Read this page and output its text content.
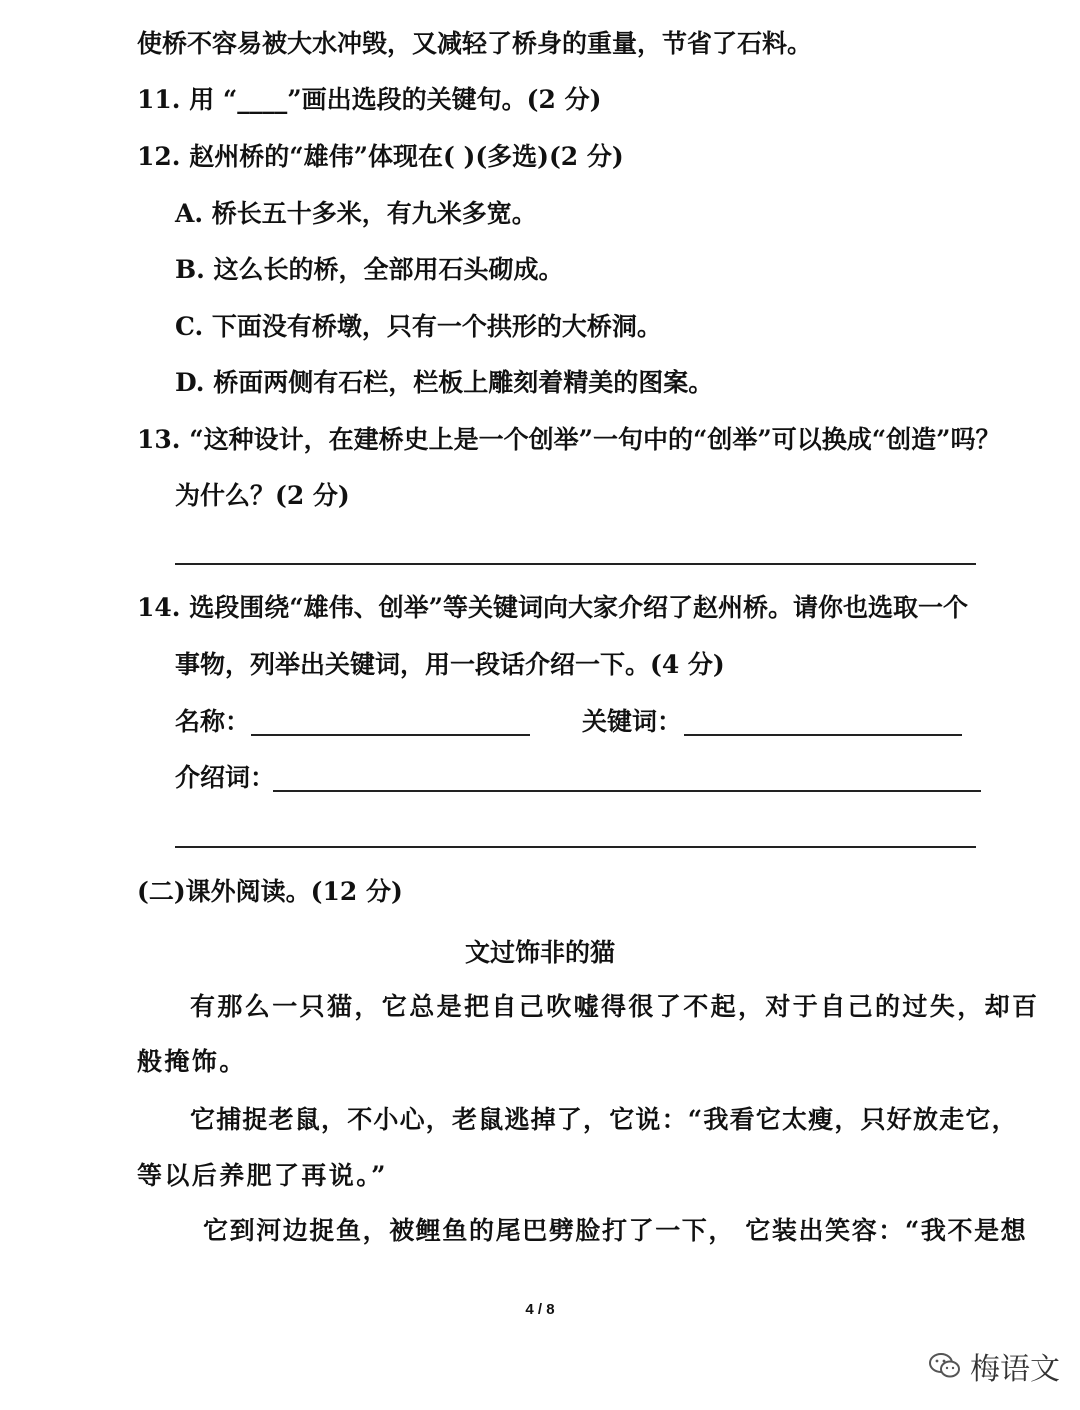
使桥不容易被大水冲毁，又减轻了桥身的重量，节省了石料。
11. 用 “____”画出选段的关键句。(2 分)
12. 赵州桥的“雄伟”体现在( )(多选)(2 分)
A. 桥长五十多米，有九米多宽。
B. 这么长的桥，全部用石头砌成。
C. 下面没有桥墩，只有一个拱形的大桥洞。
D. 桥面两侧有石栏，栏板上雕刻着精美的图案。
13. “这种设计，在建桥史上是一个创举”一句中的“创举”可以换成“创造”吗？
为什么？(2 分)
14. 选段围绕“雄伟、创举”等关键词向大家介绍了赵州桥。请你也选取一个
事物，列举出关键词，用一段话介绍一下。(4 分)
名称：	关键词：
介绍词：
(二)课外阅读。(12 分)
文过饰非的猫
有那么一只猫，它总是把自己吹嘘得很了不起，对于自己的过失，却百
般掩饰。
它捕捉老鼠，不小心，老鼠逃掉了，它说：“我看它太瘦，只好放走它，
等以后养肥了再说。”
它到河边捉鱼，被鲤鱼的尾巴劈脸打了一下， 它装出笑容：“我不是想
4 / 8
梅语文
